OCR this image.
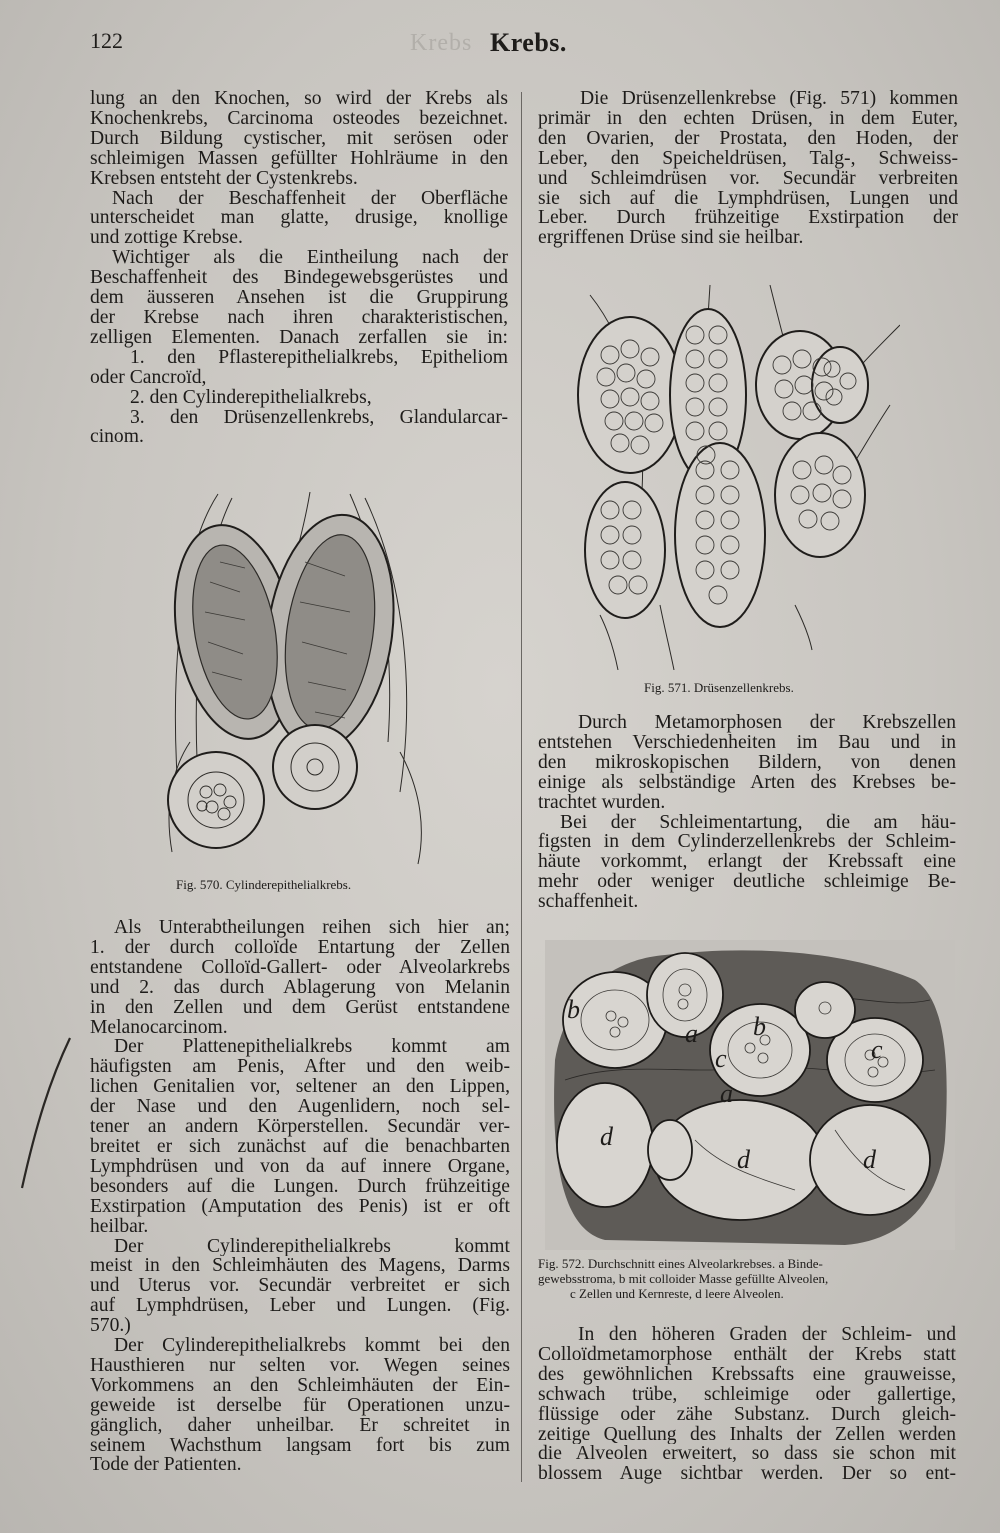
Krebs
122	Krebs.
lung an den Knochen, so wird der Krebs als
Knochenkrebs, Carcinoma osteodes bezeichnet.
Durch Bildung cystischer, mit serösen oder
schleimigen Massen gefüllter Hohlräume in den
Krebsen entsteht der Cystenkrebs.
Nach der Beschaffenheit der Oberfläche
unterscheidet man glatte, drusige, knollige
und zottige Krebse.
Wichtiger als die Eintheilung nach der
Beschaffenheit des Bindegewebsgerüstes und
dem äusseren Ansehen ist die Gruppirung
der Krebse nach ihren charakteristischen,
zelligen Elementen. Danach zerfallen sie in:
1. den Pflasterepithelialkrebs, Epitheliom
oder Cancroïd,
2. den Cylinderepithelialkrebs,
3. den Drüsenzellenkrebs, Glandularcar-
cinom.
Fig. 570. Cylinderepithelialkrebs.
Als Unterabtheilungen reihen sich hier an;
1. der durch colloïde Entartung der Zellen
entstandene Colloïd-Gallert- oder Alveolarkrebs
und 2. das durch Ablagerung von Melanin
in den Zellen und dem Gerüst entstandene
Melanocarcinom.
Der Plattenepithelialkrebs kommt am
häufigsten am Penis, After und den weib-
lichen Genitalien vor, seltener an den Lippen,
der Nase und den Augenlidern, noch sel-
tener an andern Körperstellen. Secundär ver-
breitet er sich zunächst auf die benachbarten
Lymphdrüsen und von da auf innere Organe,
besonders auf die Lungen. Durch frühzeitige
Exstirpation (Amputation des Penis) ist er oft
heilbar.
Der Cylinderepithelialkrebs kommt
meist in den Schleimhäuten des Magens, Darms
und Uterus vor. Secundär verbreitet er sich
auf Lymphdrüsen, Leber und Lungen. (Fig.
570.)
Der Cylinderepithelialkrebs kommt bei den
Hausthieren nur selten vor. Wegen seines
Vorkommens an den Schleimhäuten der Ein-
geweide ist derselbe für Operationen unzu-
gänglich, daher unheilbar. Er schreitet in
seinem Wachsthum langsam fort bis zum
Tode der Patienten.
Die Drüsenzellenkrebse (Fig. 571) kommen
primär in den echten Drüsen, in dem Euter,
den Ovarien, der Prostata, den Hoden, der
Leber, den Speicheldrüsen, Talg-, Schweiss-
und Schleimdrüsen vor. Secundär verbreiten
sie sich auf die Lymphdrüsen, Lungen und
Leber. Durch frühzeitige Exstirpation der
ergriffenen Drüse sind sie heilbar.
Fig. 571. Drüsenzellenkrebs.
Durch Metamorphosen der Krebszellen
entstehen Verschiedenheiten im Bau und in
den mikroskopischen Bildern, von denen
einige als selbständige Arten des Krebses be-
trachtet wurden.
Bei der Schleimentartung, die am häu-
figsten in dem Cylinderzellenkrebs der Schleim-
häute vorkommt, erlangt der Krebssaft eine
mehr oder weniger deutliche schleimige Be-
schaffenheit.
b
b
c	c
a
a
d
d	d
Fig. 572. Durchschnitt eines Alveolarkrebses. a Binde-
gewebsstroma, b mit colloider Masse gefüllte Alveolen,
c Zellen und Kernreste, d leere Alveolen.
In den höheren Graden der Schleim- und
Colloïdmetamorphose enthält der Krebs statt
des gewöhnlichen Krebssafts eine grauweisse,
schwach trübe, schleimige oder gallertige,
flüssige oder zähe Substanz. Durch gleich-
zeitige Quellung des Inhalts der Zellen werden
die Alveolen erweitert, so dass sie schon mit
blossem Auge sichtbar werden. Der so ent-
